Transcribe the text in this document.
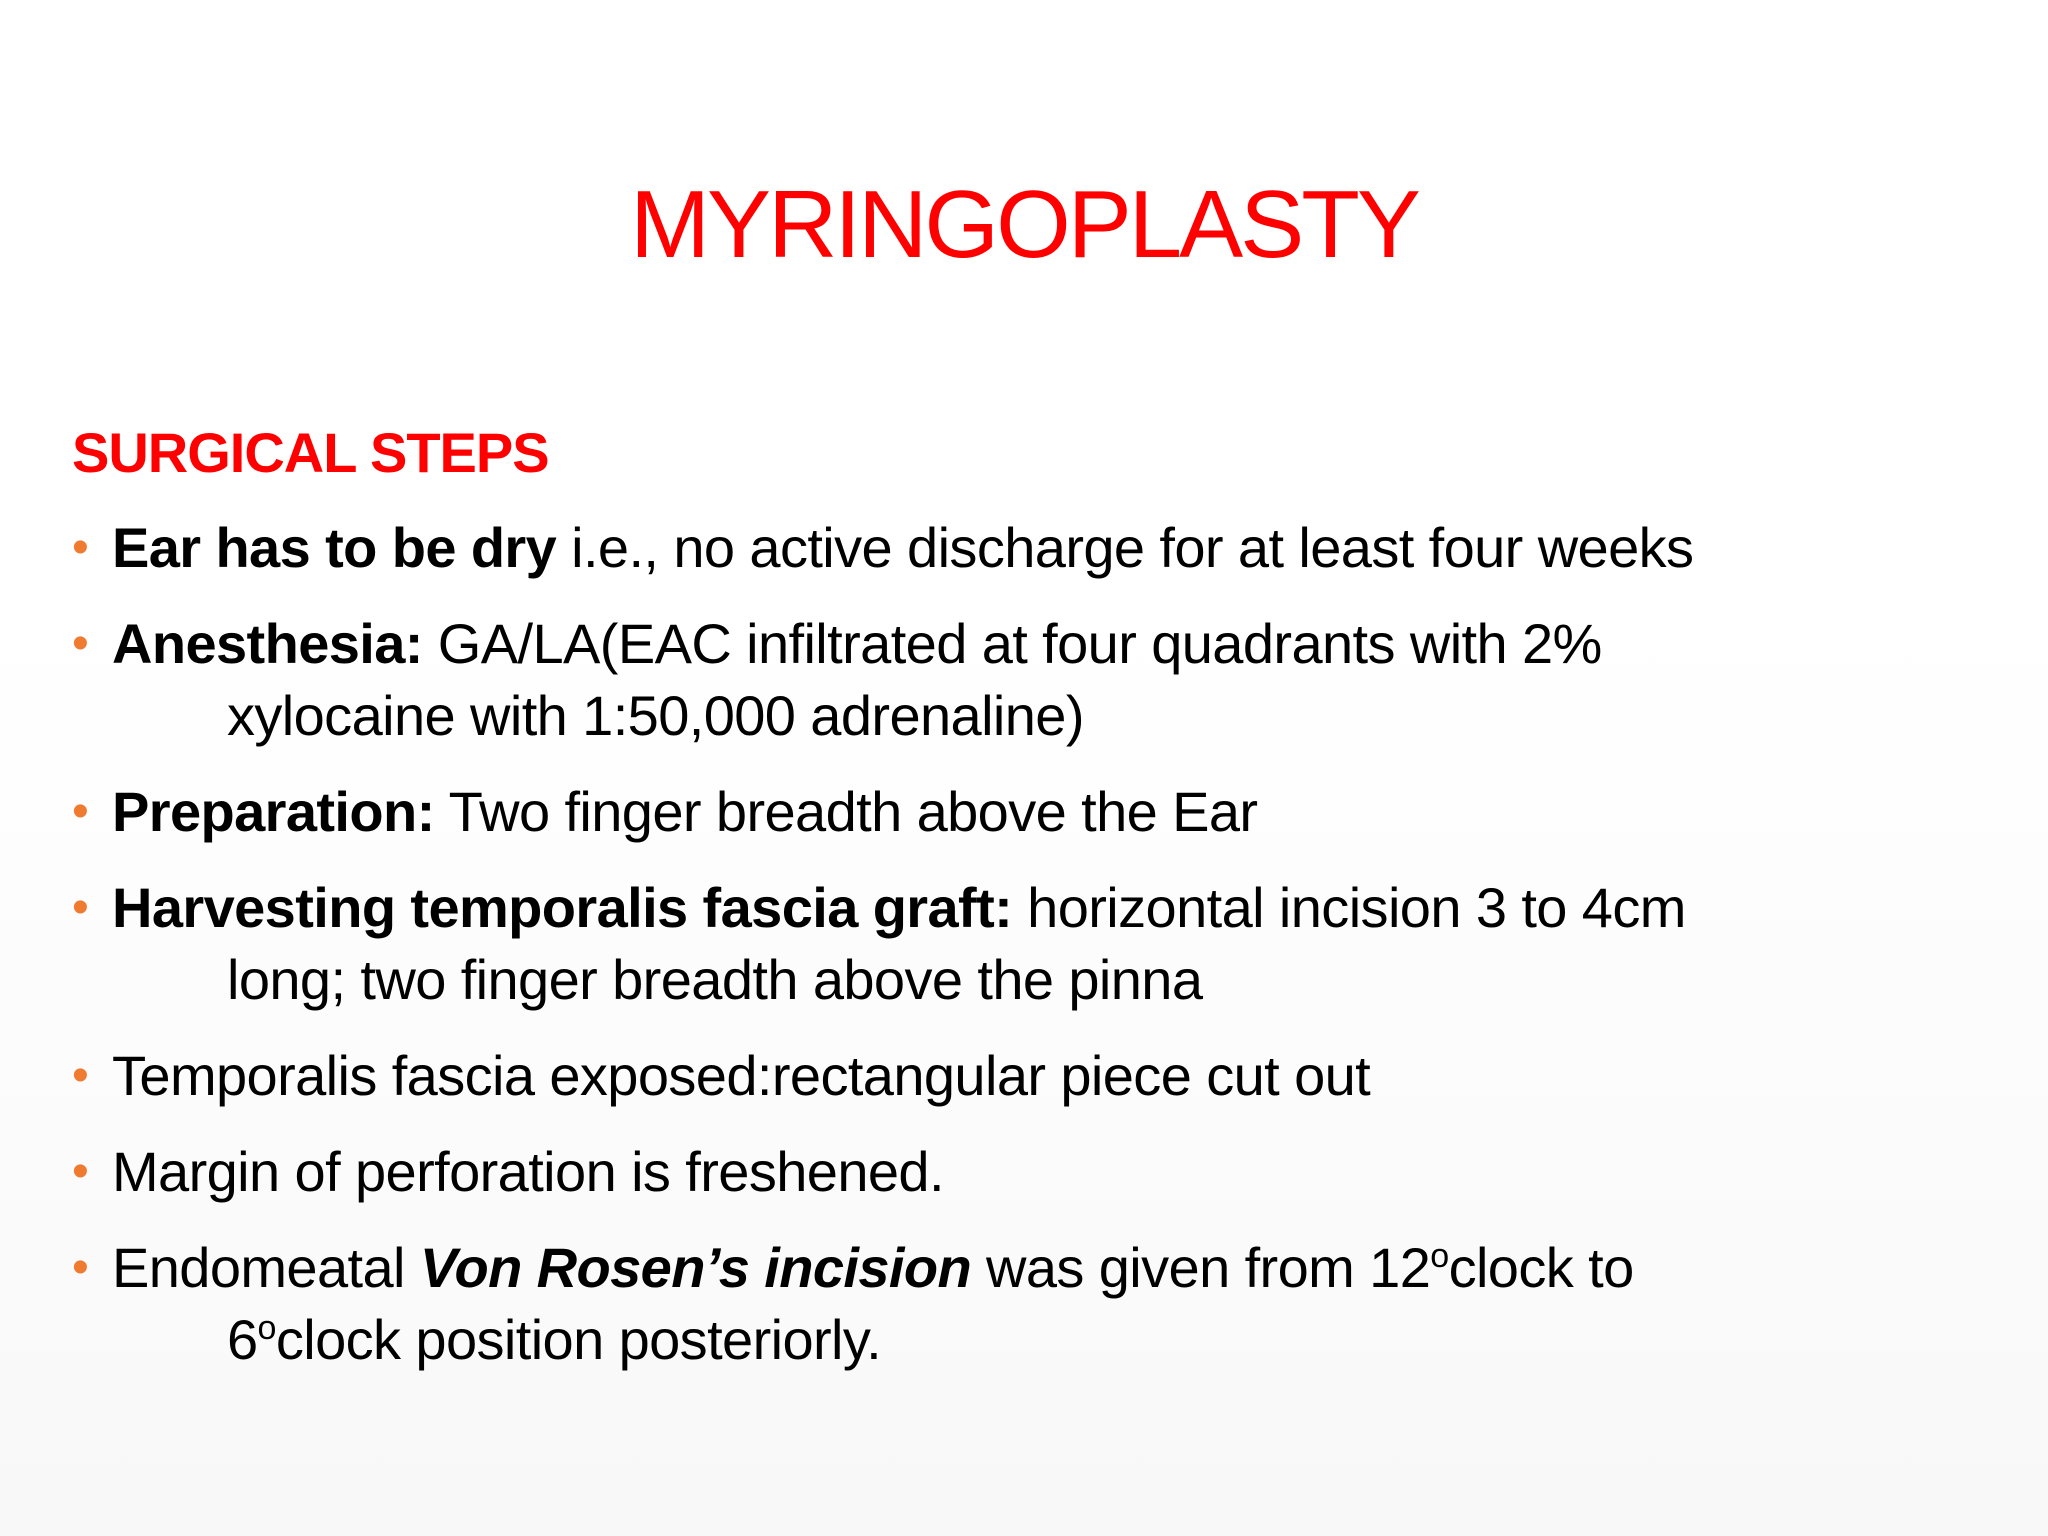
MYRINGOPLASTY
SURGICAL STEPS
• Ear has to be dry i.e., no active discharge for at least four weeks
• Anesthesia: GA/LA(EAC infiltrated at four quadrants with 2%
xylocaine with 1:50,000 adrenaline)
• Preparation: Two finger breadth above the Ear
• Harvesting temporalis fascia graft: horizontal incision 3 to 4cm
long; two finger breadth above the pinna
• Temporalis fascia exposed:rectangular piece cut out
• Margin of perforation is freshened.
• Endomeatal Von Rosen’s incision was given from 12$^o$clock to
6$^o$clock position posteriorly.
